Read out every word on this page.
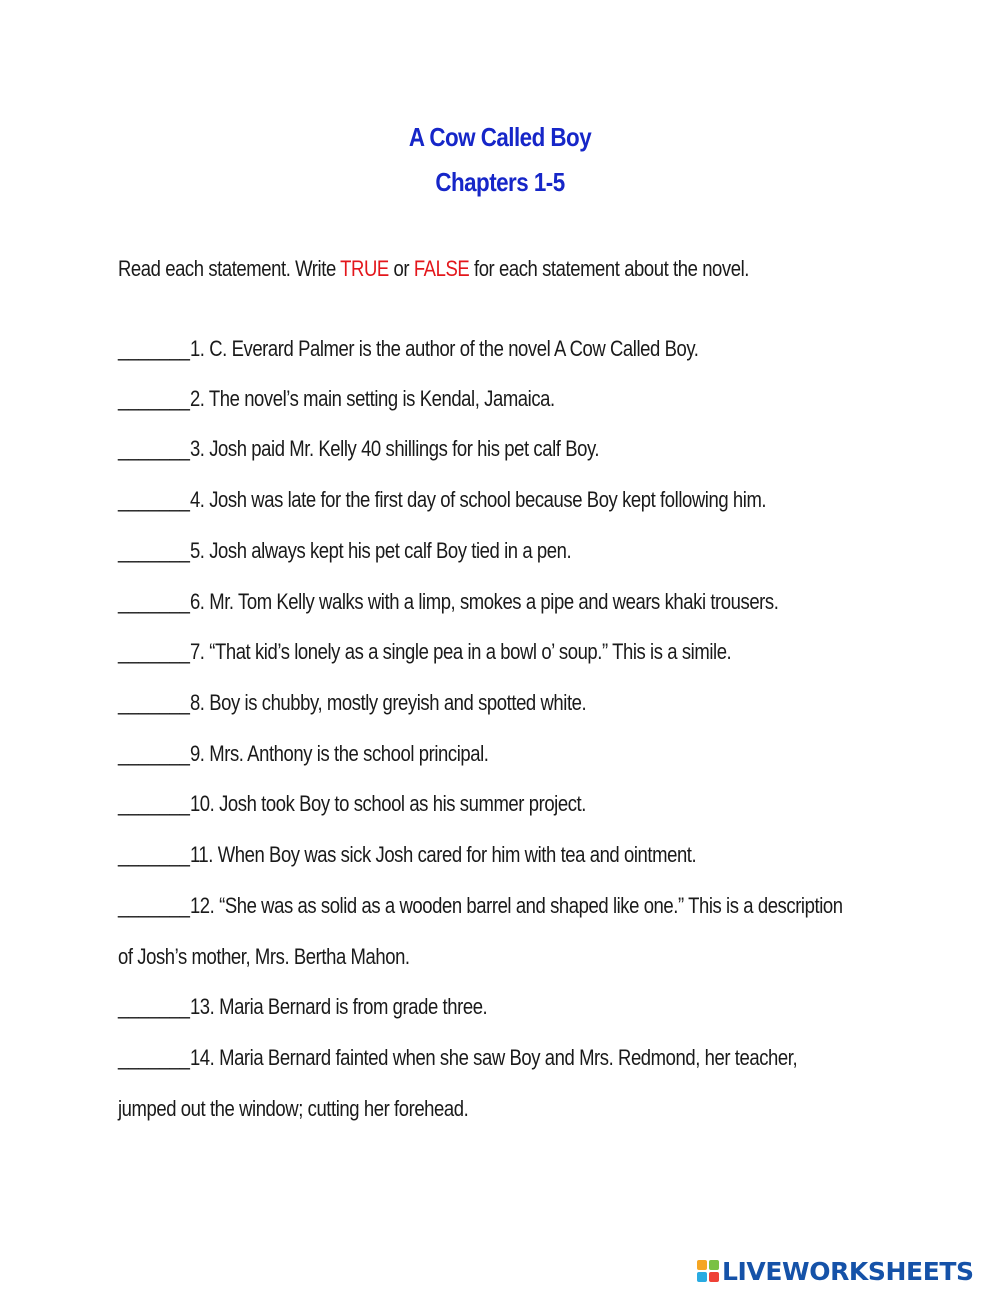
A Cow Called Boy
Chapters 1-5
Read each statement. Write TRUE or FALSE for each statement about the novel.
_______1. C. Everard Palmer is the author of the novel A Cow Called Boy.
_______2. The novel’s main setting is Kendal, Jamaica.
_______3. Josh paid Mr. Kelly 40 shillings for his pet calf Boy.
_______4. Josh was late for the first day of school because Boy kept following him.
_______5. Josh always kept his pet calf Boy tied in a pen.
_______6. Mr. Tom Kelly walks with a limp, smokes a pipe and wears khaki trousers.
_______7. “That kid’s lonely as a single pea in a bowl o’ soup.” This is a simile.
_______8. Boy is chubby, mostly greyish and spotted white.
_______9. Mrs. Anthony is the school principal.
_______10. Josh took Boy to school as his summer project.
_______11. When Boy was sick Josh cared for him with tea and ointment.
_______12. “She was as solid as a wooden barrel and shaped like one.” This is a description
of Josh’s mother, Mrs. Bertha Mahon.
_______13. Maria Bernard is from grade three.
_______14. Maria Bernard fainted when she saw Boy and Mrs. Redmond, her teacher,
jumped out the window; cutting her forehead.
LIVEWORKSHEETS
